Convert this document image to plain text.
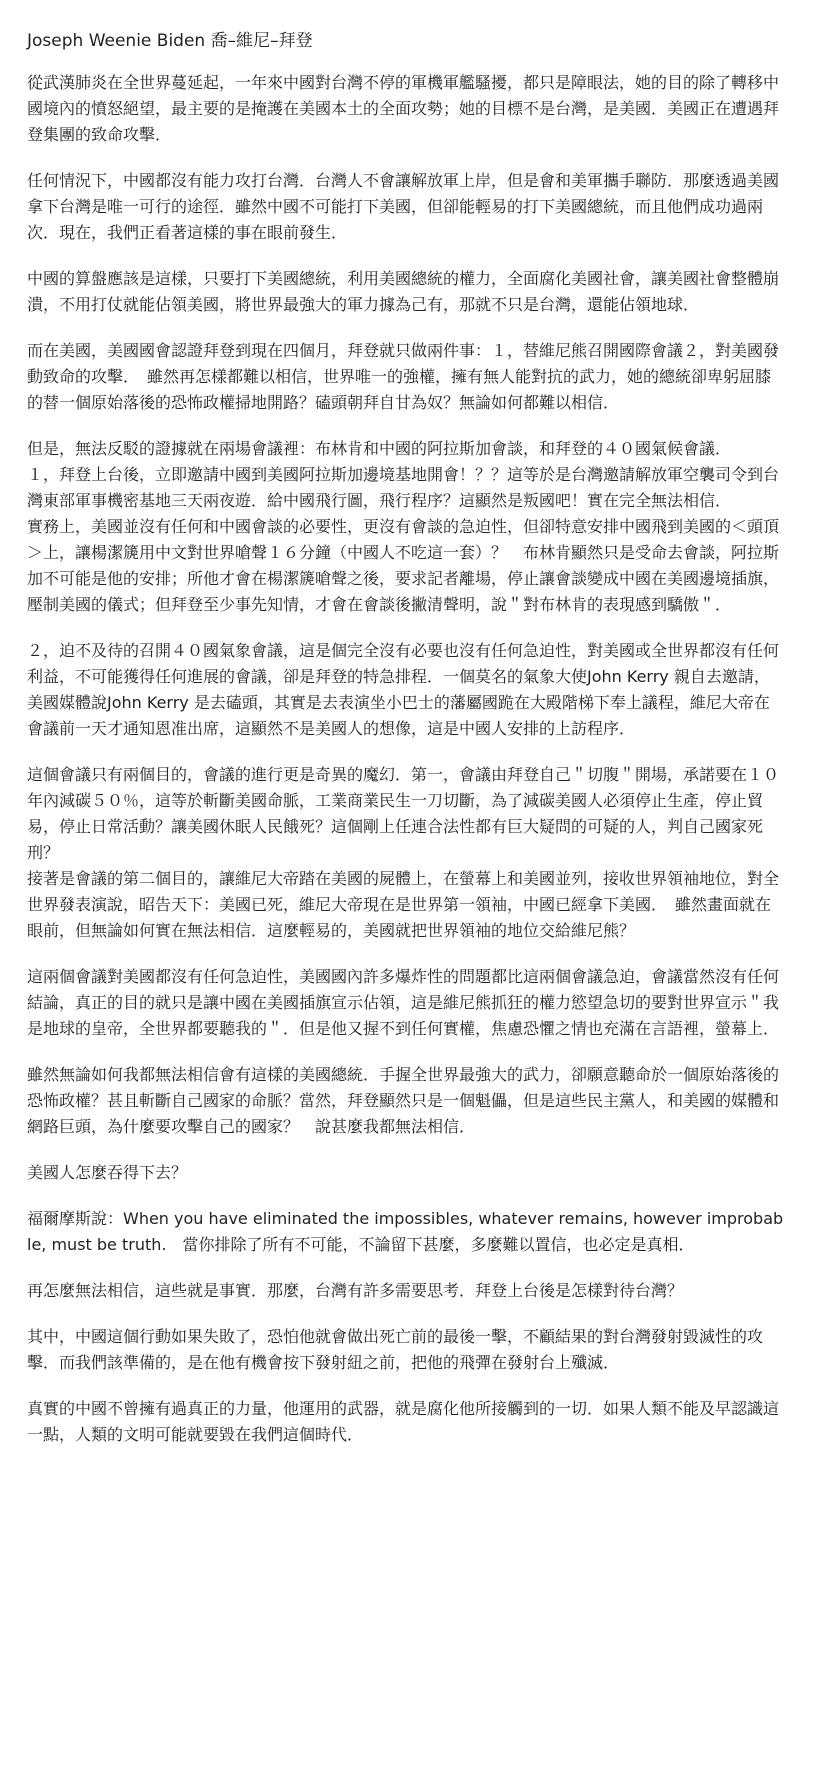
Joseph Weenie Biden 喬–維尼–拜登

從武漢肺炎在全世界蔓延起，一年來中國對台灣不停的軍機軍艦騷擾，都只是障眼法，她的目的除了轉移中國境內的憤怒絕望，最主要的是掩護在美國本土的全面攻勢；她的目標不是台灣，是美國．美國正在遭遇拜登集團的致命攻擊．

任何情況下，中國都沒有能力攻打台灣．台灣人不會讓解放軍上岸，但是會和美軍攜手聯防．那麼透過美國拿下台灣是唯一可行的途徑．雖然中國不可能打下美國，但卻能輕易的打下美國總統，而且他們成功過兩次．現在，我們正看著這樣的事在眼前發生．

中國的算盤應該是這樣，只要打下美國總統，利用美國總統的權力，全面腐化美國社會，讓美國社會整體崩潰，不用打仗就能佔領美國，將世界最強大的軍力據為己有，那就不只是台灣，還能佔領地球．

而在美國，美國國會認證拜登到現在四個月，拜登就只做兩件事：１，替維尼熊召開國際會議２，對美國發動致命的攻擊．　雖然再怎樣都難以相信，世界唯一的強權，擁有無人能對抗的武力，她的總統卻卑躬屈膝的替一個原始落後的恐怖政權掃地開路？磕頭朝拜自甘為奴？無論如何都難以相信．

但是，無法反駁的證據就在兩場會議裡：布林肯和中國的阿拉斯加會談，和拜登的４０國氣候會議．

１，拜登上台後，立即邀請中國到美國阿拉斯加邊境基地開會！？？這等於是台灣邀請解放軍空襲司令到台灣東部軍事機密基地三天兩夜遊．給中國飛行圖，飛行程序？這顯然是叛國吧！實在完全無法相信．

實務上，美國並沒有任何和中國會談的必要性，更沒有會談的急迫性，但卻特意安排中國飛到美國的＜頭頂＞上，讓楊潔篪用中文對世界嗆聲１６分鐘（中國人不吃這一套）？　布林肯顯然只是受命去會談，阿拉斯加不可能是他的安排；所他才會在楊潔篪嗆聲之後，要求記者離場，停止讓會談變成中國在美國邊境插旗，壓制美國的儀式；但拜登至少事先知情，才會在會談後撇清聲明，說＂對布林肯的表現感到驕傲＂．

２，迫不及待的召開４０國氣象會議，這是個完全沒有必要也沒有任何急迫性，對美國或全世界都沒有任何利益，不可能獲得任何進展的會議，卻是拜登的特急排程．一個莫名的氣象大使John Kerry 親自去邀請，美國媒體說John Kerry 是去磕頭，其實是去表演坐小巴士的藩屬國跪在大殿階梯下奉上議程，維尼大帝在會議前一天才通知恩准出席，這顯然不是美國人的想像，這是中國人安排的上訪程序．

這個會議只有兩個目的，會議的進行更是奇異的魔幻．第一，會議由拜登自己＂切腹＂開場，承諾要在１０年內減碳５０％，這等於斬斷美國命脈，工業商業民生一刀切斷，為了減碳美國人必須停止生產，停止貿易，停止日常活動？讓美國休眠人民餓死？這個剛上任連合法性都有巨大疑問的可疑的人，判自己國家死刑？

接著是會議的第二個目的，讓維尼大帝踏在美國的屍體上，在螢幕上和美國並列，接收世界領袖地位，對全世界發表演說，昭告天下：美國已死，維尼大帝現在是世界第一領袖，中國已經拿下美國．　雖然畫面就在眼前，但無論如何實在無法相信．這麼輕易的，美國就把世界領袖的地位交給維尼熊？

這兩個會議對美國都沒有任何急迫性，美國國內許多爆炸性的問題都比這兩個會議急迫，會議當然沒有任何結論，真正的目的就只是讓中國在美國插旗宣示佔領，這是維尼熊抓狂的權力慾望急切的要對世界宣示＂我是地球的皇帝，全世界都要聽我的＂．但是他又握不到任何實權，焦慮恐懼之情也充滿在言語裡，螢幕上．

雖然無論如何我都無法相信會有這樣的美國總統．手握全世界最強大的武力，卻願意聽命於一個原始落後的恐怖政權？甚且斬斷自己國家的命脈？當然，拜登顯然只是一個魁儡，但是這些民主黨人，和美國的媒體和網路巨頭，為什麼要攻擊自己的國家？　說甚麼我都無法相信．

美國人怎麼吞得下去？

福爾摩斯說：When you have eliminated the impossibles, whatever remains, however improbable, must be truth.　當你排除了所有不可能，不論留下甚麼，多麼難以置信，也必定是真相．

再怎麼無法相信，這些就是事實．那麼，台灣有許多需要思考．拜登上台後是怎樣對待台灣？

其中，中國這個行動如果失敗了，恐怕他就會做出死亡前的最後一擊，不顧結果的對台灣發射毀滅性的攻擊．而我們該準備的，是在他有機會按下發射紐之前，把他的飛彈在發射台上殲滅．

真實的中國不曾擁有過真正的力量，他運用的武器，就是腐化他所接觸到的一切．如果人類不能及早認識這一點，人類的文明可能就要毀在我們這個時代．
